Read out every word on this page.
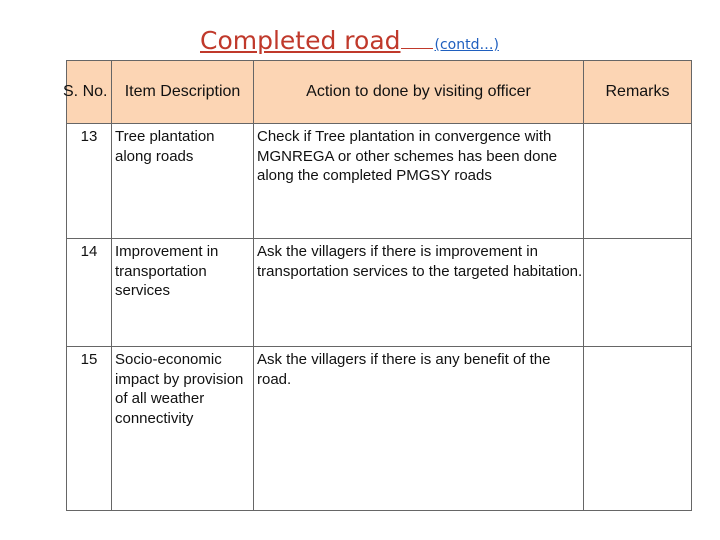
Completed road (contd…)
S. No.	Item Description	Action to done by visiting officer	Remarks
13	Tree plantation along roads	Check if Tree plantation in convergence with MGNREGA or other schemes has been done along the completed PMGSY roads	
14	Improvement in transportation services	Ask the villagers if there is improvement in transportation services to the targeted habitation.	
15	Socio-economic impact by provision of all weather connectivity	Ask the villagers if there is any benefit of the road.	
